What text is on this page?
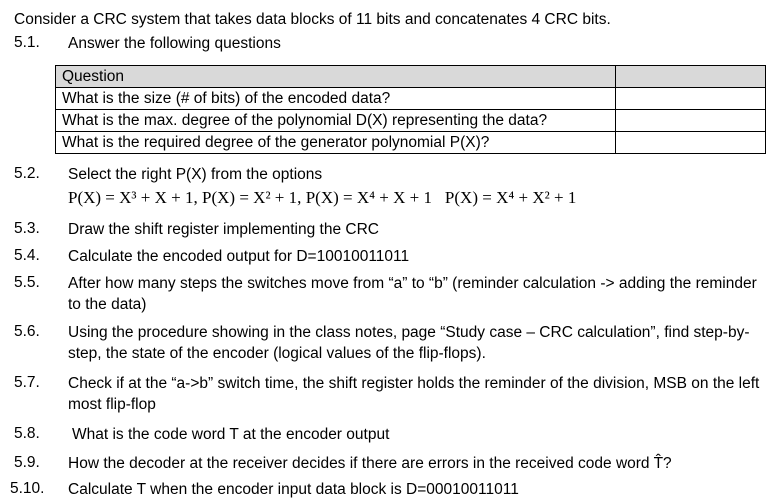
Consider a CRC system that takes data blocks of 11 bits and concatenates 4 CRC bits.
5.1. Answer the following questions
Question	
What is the size (# of bits) of the encoded data?	
What is the max. degree of the polynomial D(X) representing the data?	
What is the required degree of the generator polynomial P(X)?	
5.2. Select the right P(X) from the options
P(X) = X³ + X + 1, P(X) = X² + 1, P(X) = X⁴ + X + 1 P(X) = X⁴ + X² + 1
5.3. Draw the shift register implementing the CRC
5.4. Calculate the encoded output for D=10010011011
5.5. After how many steps the switches move from “a” to “b” (reminder calculation -> adding the reminder to the data)
5.6. Using the procedure showing in the class notes, page “Study case – CRC calculation”, find step-by-step, the state of the encoder (logical values of the flip-flops).
5.7. Check if at the “a->b” switch time, the shift register holds the reminder of the division, MSB on the left most flip-flop
5.8. What is the code word T at the encoder output
5.9. How the decoder at the receiver decides if there are errors in the received code word T̂?
5.10. Calculate T when the encoder input data block is D=00010011011
